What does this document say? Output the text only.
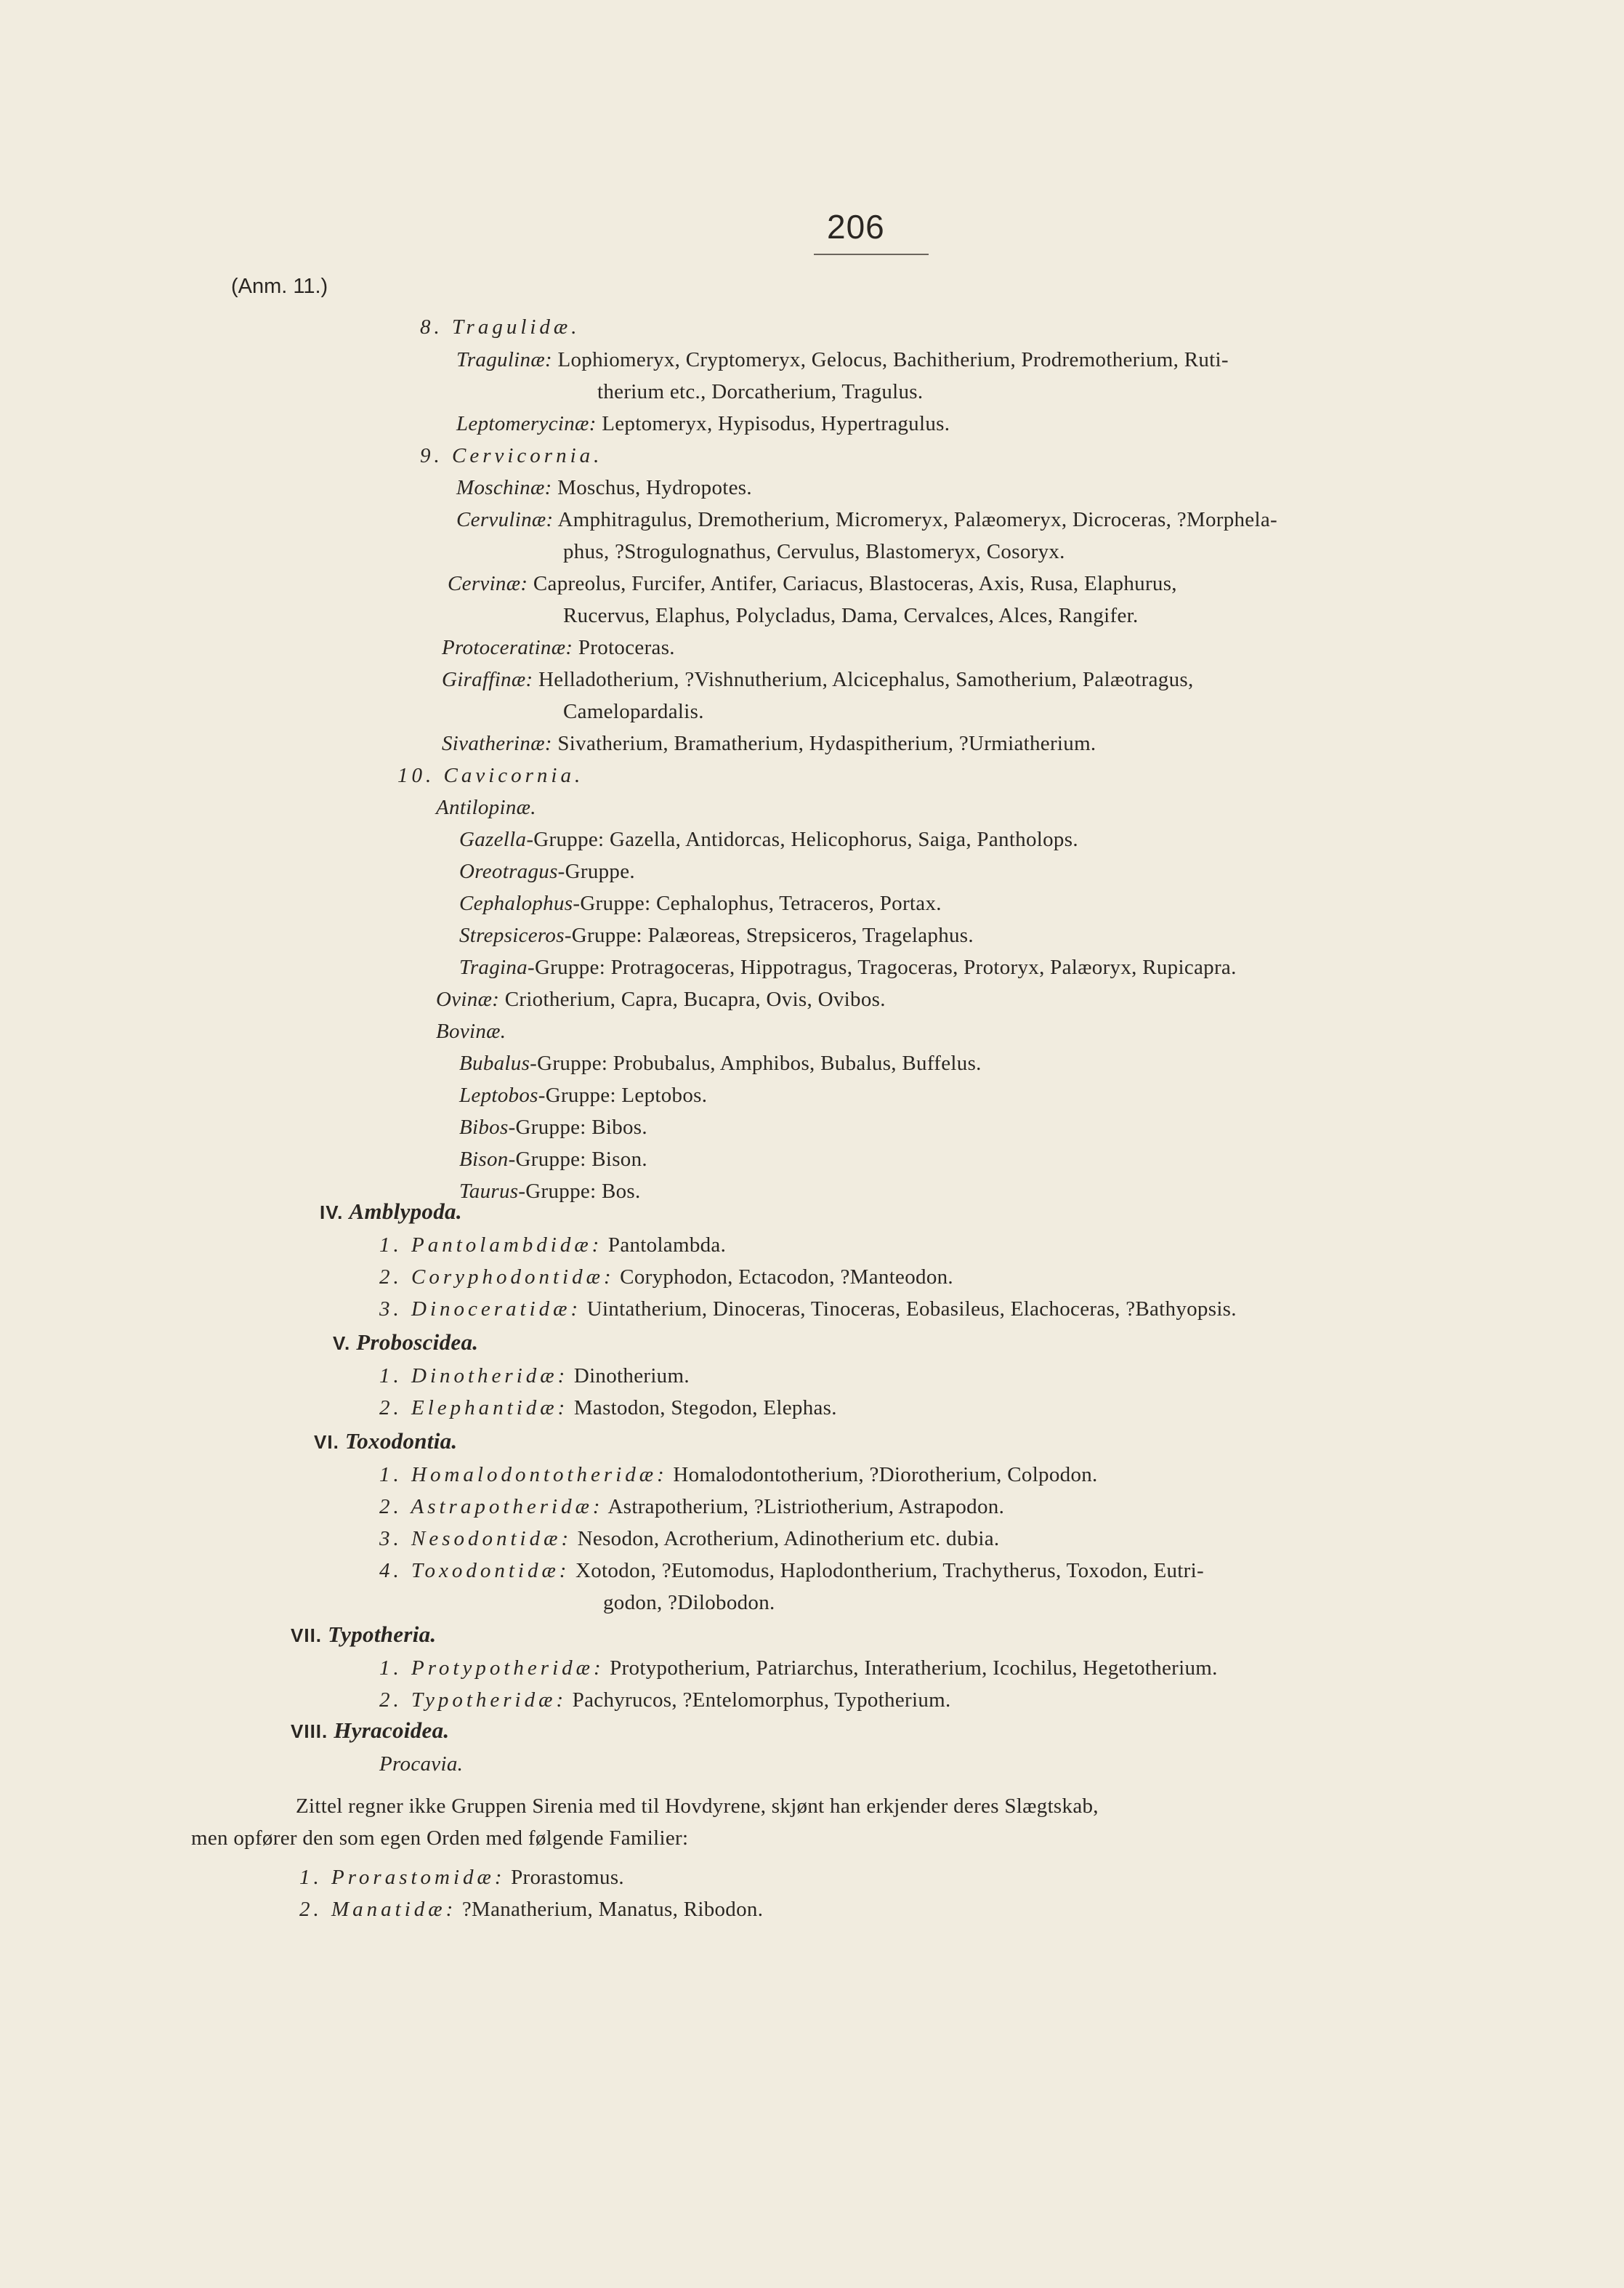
206
(Anm. 11.)
8. Tragulidæ.
Tragulinæ: Lophiomeryx, Cryptomeryx, Gelocus, Bachitherium, Prodremotherium, Ruti-
therium etc., Dorcatherium, Tragulus.
Leptomerycinæ: Leptomeryx, Hypisodus, Hypertragulus.
9. Cervicornia.
Moschinæ: Moschus, Hydropotes.
Cervulinæ: Amphitragulus, Dremotherium, Micromeryx, Palæomeryx, Dicroceras, ?Morphela-
phus, ?Strogulognathus, Cervulus, Blastomeryx, Cosoryx.
Cervinæ: Capreolus, Furcifer, Antifer, Cariacus, Blastoceras, Axis, Rusa, Elaphurus,
Rucervus, Elaphus, Polycladus, Dama, Cervalces, Alces, Rangifer.
Protoceratinæ: Protoceras.
Giraffinæ: Helladotherium, ?Vishnutherium, Alcicephalus, Samotherium, Palæotragus,
Camelopardalis.
Sivatherinæ: Sivatherium, Bramatherium, Hydaspitherium, ?Urmiatherium.
10. Cavicornia.
Antilopinæ.
Gazella-Gruppe: Gazella, Antidorcas, Helicophorus, Saiga, Pantholops.
Oreotragus-Gruppe.
Cephalophus-Gruppe: Cephalophus, Tetraceros, Portax.
Strepsiceros-Gruppe: Palæoreas, Strepsiceros, Tragelaphus.
Tragina-Gruppe: Protragoceras, Hippotragus, Tragoceras, Protoryx, Palæoryx, Rupicapra.
Ovinæ: Criotherium, Capra, Bucapra, Ovis, Ovibos.
Bovinæ.
Bubalus-Gruppe: Probubalus, Amphibos, Bubalus, Buffelus.
Leptobos-Gruppe: Leptobos.
Bibos-Gruppe: Bibos.
Bison-Gruppe: Bison.
Taurus-Gruppe: Bos.
1. Pantolambdidæ: Pantolambda.
2. Coryphodontidæ: Coryphodon, Ectacodon, ?Manteodon.
3. Dinoceratidæ: Uintatherium, Dinoceras, Tinoceras, Eobasileus, Elachoceras, ?Bathyopsis.
1. Dinotheridæ: Dinotherium.
2. Elephantidæ: Mastodon, Stegodon, Elephas.
1. Homalodontotheridæ: Homalodontotherium, ?Diorotherium, Colpodon.
2. Astrapotheridæ: Astrapotherium, ?Listriotherium, Astrapodon.
3. Nesodontidæ: Nesodon, Acrotherium, Adinotherium etc. dubia.
4. Toxodontidæ: Xotodon, ?Eutomodus, Haplodontherium, Trachytherus, Toxodon, Eutri-
godon, ?Dilobodon.
1. Protypotheridæ: Protypotherium, Patriarchus, Interatherium, Icochilus, Hegetotherium.
2. Typotheridæ: Pachyrucos, ?Entelomorphus, Typotherium.
Procavia.
Zittel regner ikke Gruppen Sirenia med til Hovdyrene, skjønt han erkjender deres Slægtskab,
men opfører den som egen Orden med følgende Familier:
1. Prorastomidæ: Prorastomus.
2. Manatidæ: ?Manatherium, Manatus, Ribodon.
IV. Amblypoda.
V. Proboscidea.
VI. Toxodontia.
VII. Typotheria.
VIII. Hyracoidea.
